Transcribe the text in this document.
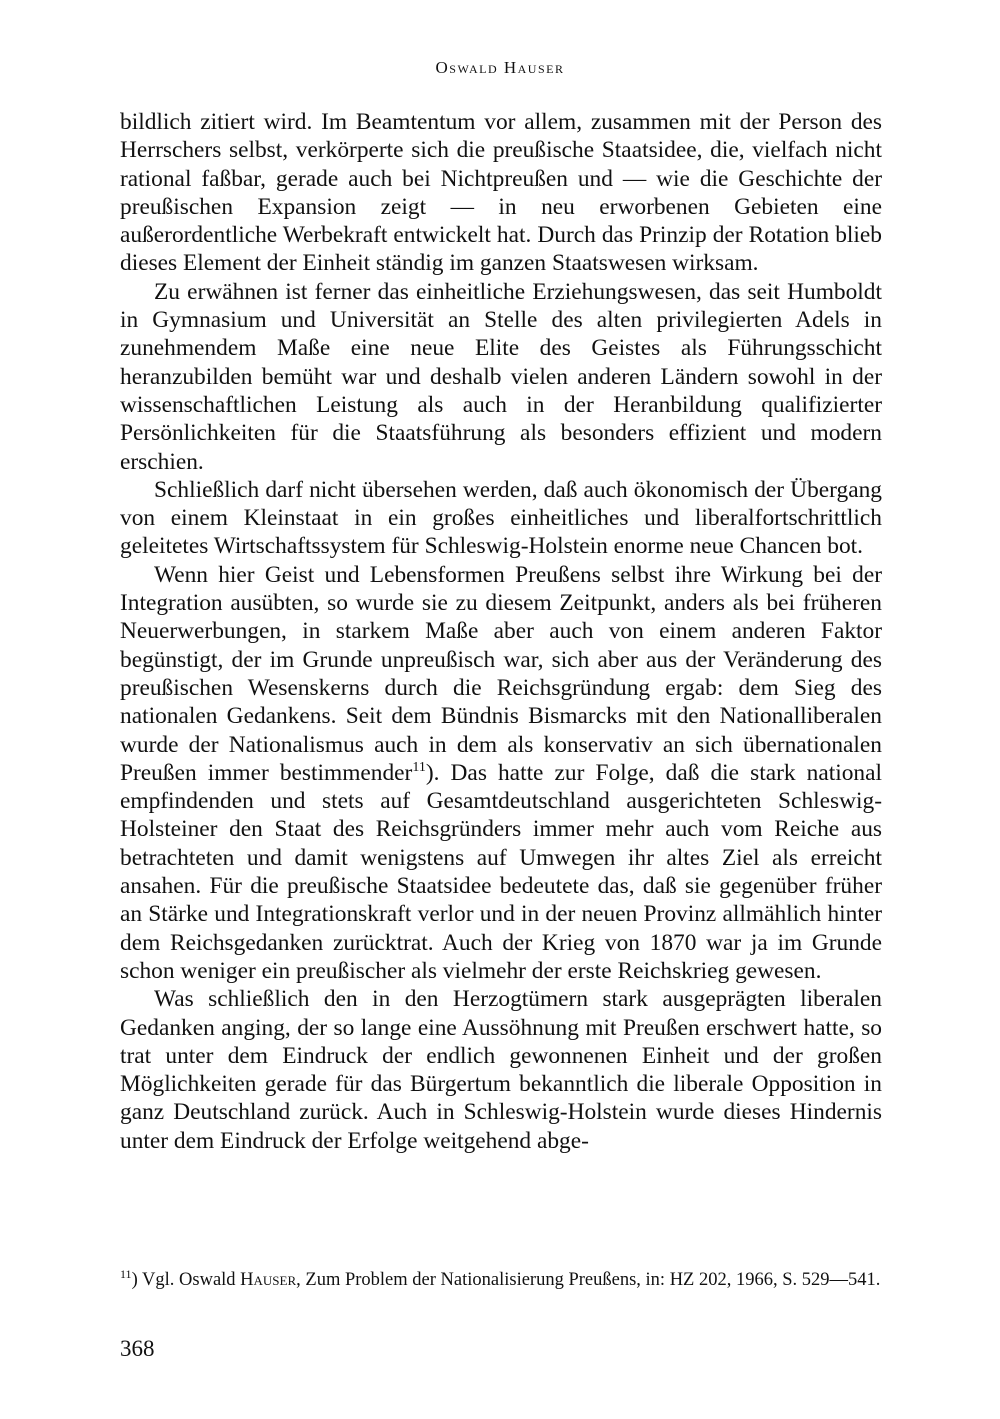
Oswald Hauser

bildlich zitiert wird. Im Beamtentum vor allem, zusammen mit der Person des Herrschers selbst, verkörperte sich die preußische Staatsidee, die, vielfach nicht rational faßbar, gerade auch bei Nichtpreußen und — wie die Geschichte der preußischen Expansion zeigt — in neu erworbenen Gebieten eine außerordentliche Werbekraft entwickelt hat. Durch das Prinzip der Rotation blieb dieses Element der Einheit ständig im ganzen Staatswesen wirksam.

Zu erwähnen ist ferner das einheitliche Erziehungswesen, das seit Humboldt in Gymnasium und Universität an Stelle des alten privilegierten Adels in zunehmendem Maße eine neue Elite des Geistes als Führungsschicht heranzubilden bemüht war und deshalb vielen anderen Ländern sowohl in der wissenschaftlichen Leistung als auch in der Heranbildung qualifizierter Persönlichkeiten für die Staatsführung als besonders effizient und modern erschien.

Schließlich darf nicht übersehen werden, daß auch ökonomisch der Übergang von einem Kleinstaat in ein großes einheitliches und liberalfortschrittlich geleitetes Wirtschaftssystem für Schleswig-Holstein enorme neue Chancen bot.

Wenn hier Geist und Lebensformen Preußens selbst ihre Wirkung bei der Integration ausübten, so wurde sie zu diesem Zeitpunkt, anders als bei früheren Neuerwerbungen, in starkem Maße aber auch von einem anderen Faktor begünstigt, der im Grunde unpreußisch war, sich aber aus der Veränderung des preußischen Wesenskerns durch die Reichsgründung ergab: dem Sieg des nationalen Gedankens. Seit dem Bündnis Bismarcks mit den Nationalliberalen wurde der Nationalismus auch in dem als konservativ an sich übernationalen Preußen immer bestimmender$^{11}$). Das hatte zur Folge, daß die stark national empfindenden und stets auf Gesamtdeutschland ausgerichteten Schleswig-Holsteiner den Staat des Reichsgründers immer mehr auch vom Reiche aus betrachteten und damit wenigstens auf Umwegen ihr altes Ziel als erreicht ansahen. Für die preußische Staatsidee bedeutete das, daß sie gegenüber früher an Stärke und Integrationskraft verlor und in der neuen Provinz allmählich hinter dem Reichsgedanken zurücktrat. Auch der Krieg von 1870 war ja im Grunde schon weniger ein preußischer als vielmehr der erste Reichskrieg gewesen.

Was schließlich den in den Herzogtümern stark ausgeprägten liberalen Gedanken anging, der so lange eine Aussöhnung mit Preußen erschwert hatte, so trat unter dem Eindruck der endlich gewonnenen Einheit und der großen Möglichkeiten gerade für das Bürgertum bekanntlich die liberale Opposition in ganz Deutschland zurück. Auch in Schleswig-Holstein wurde dieses Hindernis unter dem Eindruck der Erfolge weitgehend abge-

$^{11}$) Vgl. Oswald Hauser, Zum Problem der Nationalisierung Preußens, in: HZ 202, 1966, S. 529—541.
368
